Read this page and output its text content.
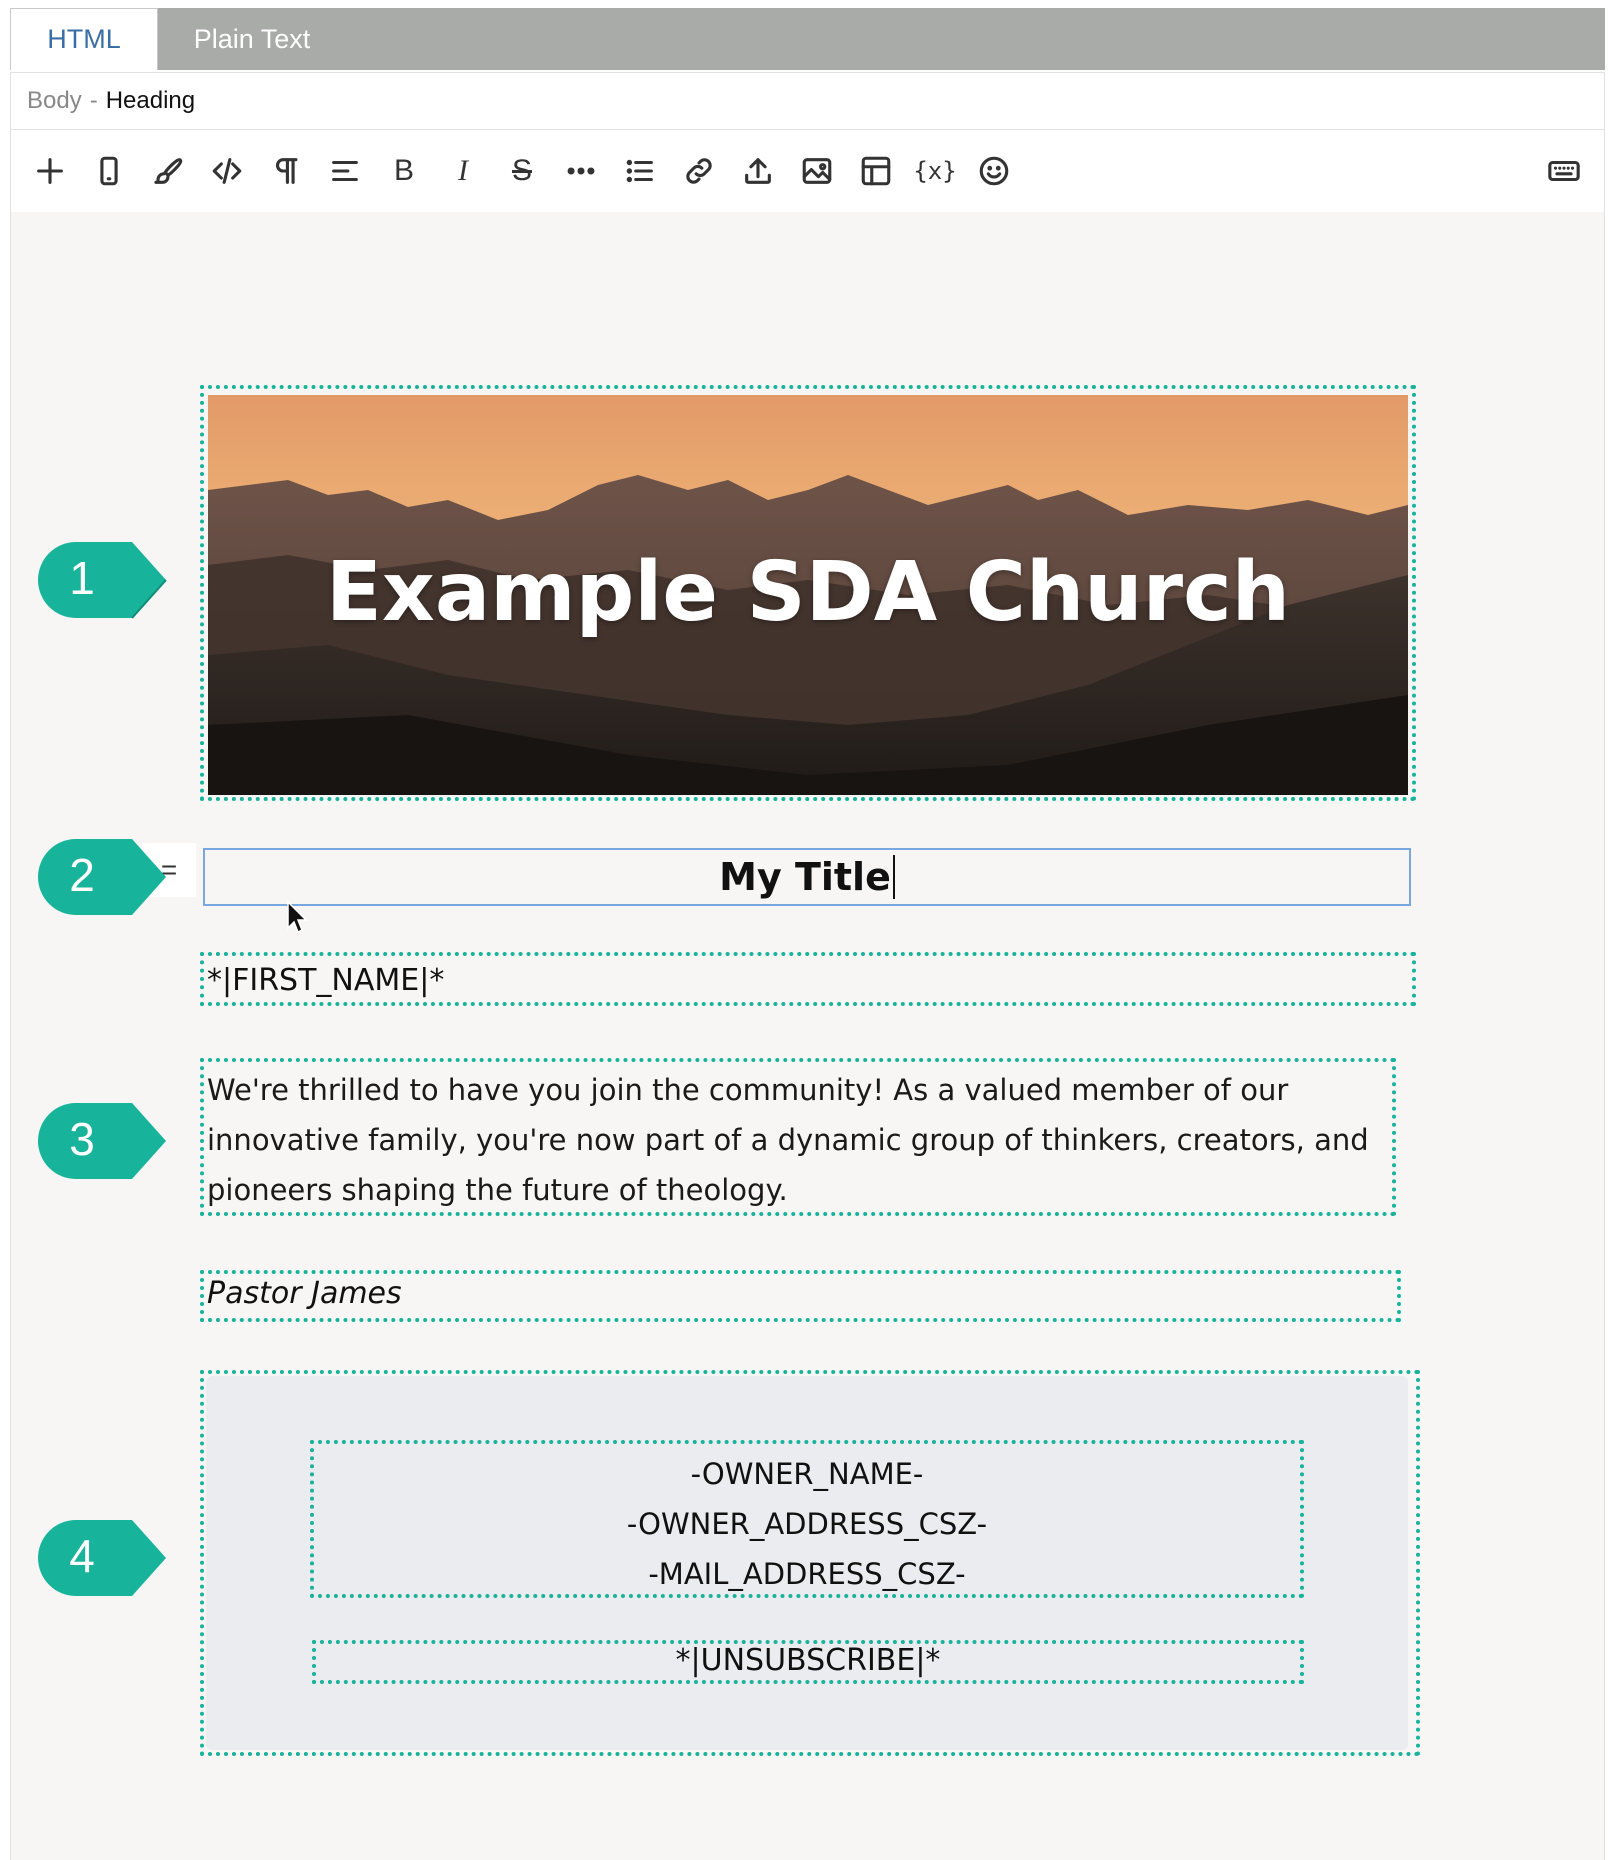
HTML	Plain Text
Body - Heading
B I S	{x}
Example SDA Church
=	My Title
*|FIRST_NAME|*
We're thrilled to have you join the community! As a valued member of our innovative family, you're now part of a dynamic group of thinkers, creators, and pioneers shaping the future of theology.
Pastor James
-OWNER_NAME-
-OWNER_ADDRESS_CSZ-
-MAIL_ADDRESS_CSZ-
*|UNSUBSCRIBE|*
1
2
3
4
